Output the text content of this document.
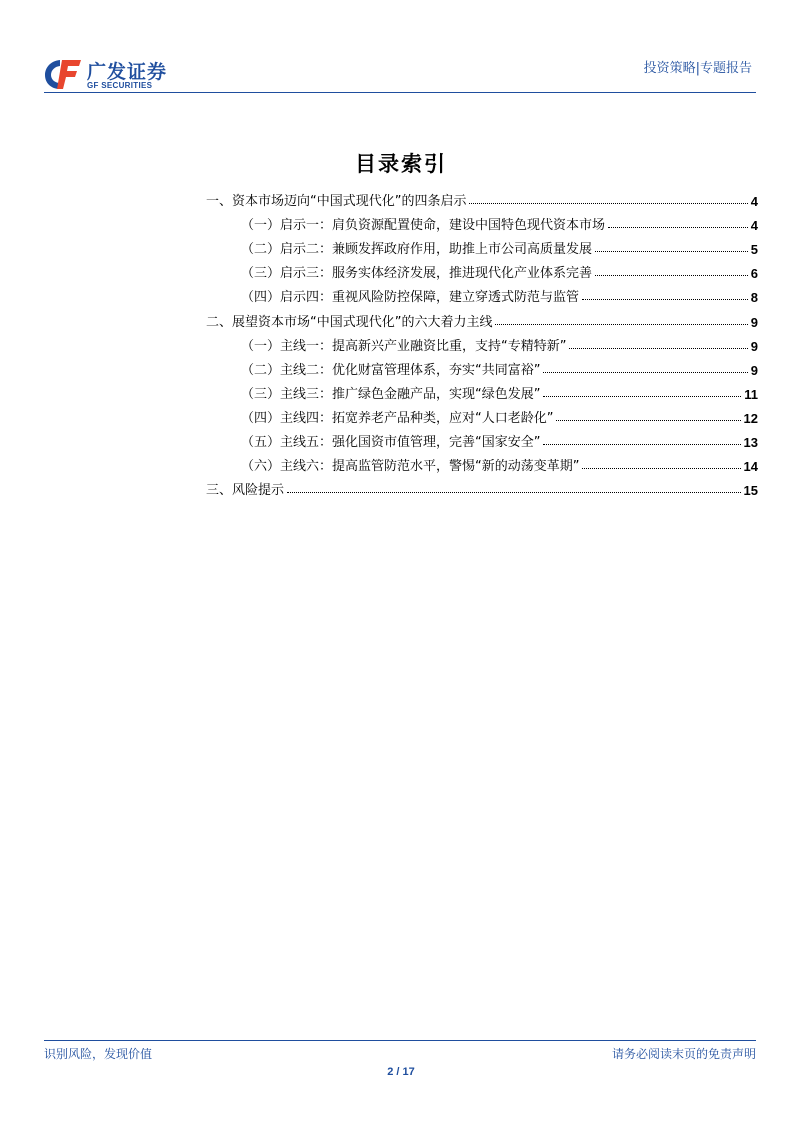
广发证券
GF SECURITIES
投资策略|专题报告
目录索引
一、资本市场迈向“中国式现代化”的四条启示	4
（一）启示一：肩负资源配置使命，建设中国特色现代资本市场	4
（二）启示二：兼顾发挥政府作用，助推上市公司高质量发展	5
（三）启示三：服务实体经济发展，推进现代化产业体系完善	6
（四）启示四：重视风险防控保障，建立穿透式防范与监管	8
二、展望资本市场“中国式现代化”的六大着力主线	9
（一）主线一：提高新兴产业融资比重，支持“专精特新”	9
（二）主线二：优化财富管理体系，夯实“共同富裕”	9
（三）主线三：推广绿色金融产品，实现“绿色发展”	11
（四）主线四：拓宽养老产品种类，应对“人口老龄化”	12
（五）主线五：强化国资市值管理，完善“国家安全”	13
（六）主线六：提高监管防范水平，警惕“新的动荡变革期”	14
三、风险提示	15
识别风险，发现价值	请务必阅读末页的免责声明
2 / 17
